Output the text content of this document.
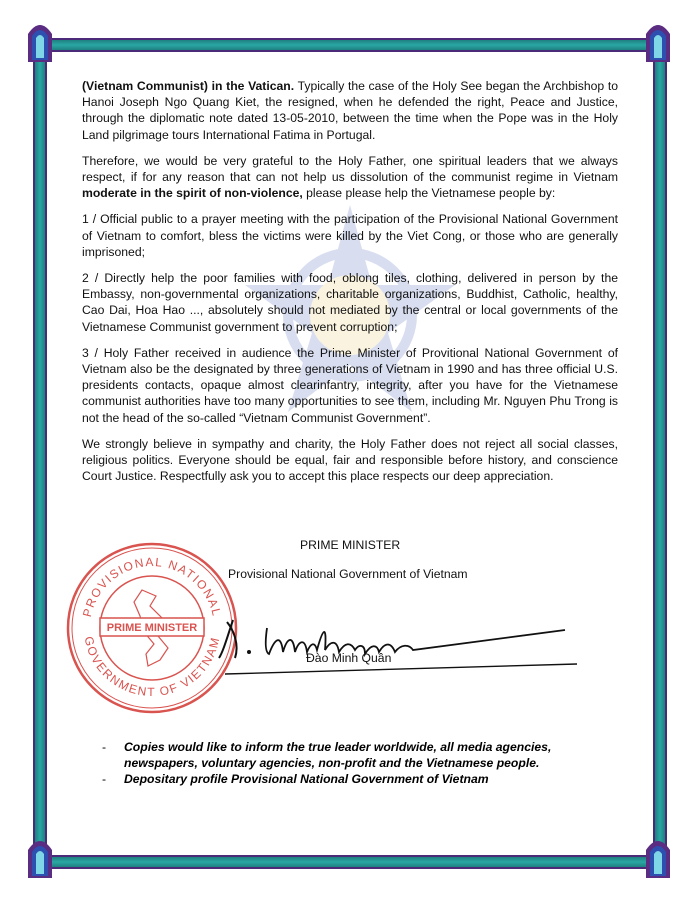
(Vietnam Communist) in the Vatican. Typically the case of the Holy See began the Archbishop to Hanoi Joseph Ngo Quang Kiet, the resigned, when he defended the right, Peace and Justice, through the diplomatic note dated 13-05-2010, between the time when the Pope was in the Holy Land pilgrimage tours International Fatima in Portugal.

Therefore, we would be very grateful to the Holy Father, one spiritual leaders that we always respect, if for any reason that can not help us dissolution of the communist regime in Vietnam moderate in the spirit of non-violence, please please help the Vietnamese people by:

1 / Official public to a prayer meeting with the participation of the Provisional National Government of Vietnam to comfort, bless the victims were killed by the Viet Cong, or those who are generally imprisoned;

2 / Directly help the poor families with food, oblong tiles, clothing, delivered in person by the Embassy, non-governmental organizations, charitable organizations, Buddhist, Catholic, healthy, Cao Dai, Hoa Hao ..., absolutely should not mediated by the central or local governments of the Vietnamese Communist government to prevent corruption;

3 / Holy Father received in audience the Prime Minister of Provitional National Government of Vietnam also be the designated by three generations of Vietnam in 1990 and has three official U.S. presidents contacts, opaque almost clearinfantry, integrity, after you have for the Vietnamese communist authorities have too many opportunities to see them, including Mr. Nguyen Phu Trong is not the head of the so-called “Vietnam Communist Government”.

We strongly believe in sympathy and charity, the Holy Father does not reject all social classes, religious politics. Everyone should be equal, fair and responsible before history, and conscience Court Justice. Respectfully ask you to accept this place respects our deep appreciation.

PRIME MINISTER
Provisional National Government of Vietnam
Đào Minh Quân
PROVISIONAL NATIONAL
GOVERNMENT OF VIETNAM
PRIME MINISTER
-	Copies would like to inform the true leader worldwide, all media agencies, newspapers, voluntary agencies, non-profit and the Vietnamese people.
-	Depositary profile Provisional National Government of Vietnam
